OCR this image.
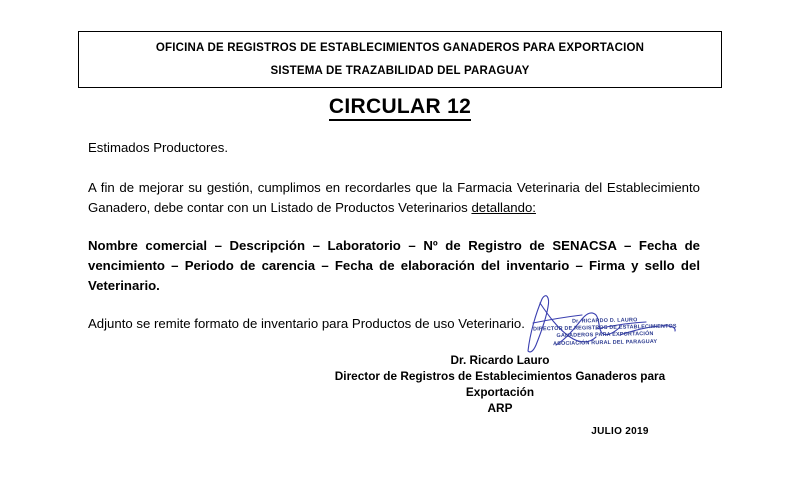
OFICINA DE REGISTROS DE ESTABLECIMIENTOS GANADEROS PARA EXPORTACION
SISTEMA DE TRAZABILIDAD DEL PARAGUAY
CIRCULAR 12

Estimados Productores.

A fin de mejorar su gestión, cumplimos en recordarles que la Farmacia Veterinaria del Establecimiento Ganadero, debe contar con un Listado de Productos Veterinarios detallando:

Nombre comercial – Descripción – Laboratorio – Nº de Registro de SENACSA – Fecha de vencimiento – Periodo de carencia – Fecha de elaboración del inventario – Firma y sello del Veterinario.

Adjunto se remite formato de inventario para Productos de uso Veterinario.	Dr. RICARDO D. LAURO
DIRECTOR DE REGISTROS DE ESTABLECIMIENTOS
GANADEROS PARA EXPORTACIÓN
ASOCIACIÓN RURAL DEL PARAGUAY
Dr. Ricardo Lauro
Director de Registros de Establecimientos Ganaderos para Exportación
ARP
JULIO 2019
